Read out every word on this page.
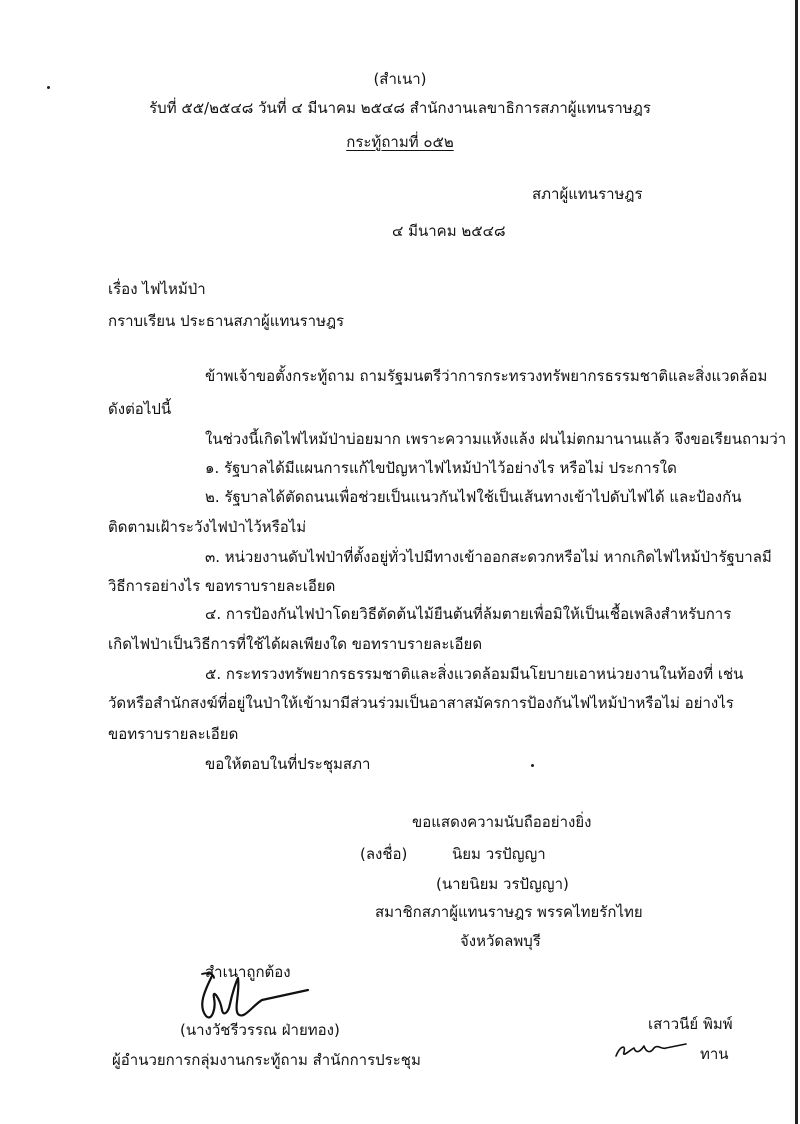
(สำเนา)
รับที่ ๕๕/๒๕๔๘ วันที่ ๔ มีนาคม ๒๕๔๘ สำนักงานเลขาธิการสภาผู้แทนราษฎร
กระทู้ถามที่ ๐๕๒
สภาผู้แทนราษฎร
๔ มีนาคม ๒๕๔๘
เรื่อง ไฟไหม้ป่า
กราบเรียน ประธานสภาผู้แทนราษฎร
ข้าพเจ้าขอตั้งกระทู้ถาม ถามรัฐมนตรีว่าการกระทรวงทรัพยากรธรรมชาติและสิ่งแวดล้อม
ดังต่อไปนี้
ในช่วงนี้เกิดไฟไหม้ป่าบ่อยมาก เพราะความแห้งแล้ง ฝนไม่ตกมานานแล้ว จึงขอเรียนถามว่า
๑. รัฐบาลได้มีแผนการแก้ไขปัญหาไฟไหม้ป่าไว้อย่างไร หรือไม่ ประการใด
๒. รัฐบาลได้ตัดถนนเพื่อช่วยเป็นแนวกันไฟใช้เป็นเส้นทางเข้าไปดับไฟได้ และป้องกัน
ติดตามเฝ้าระวังไฟป่าไว้หรือไม่
๓. หน่วยงานดับไฟป่าที่ตั้งอยู่ทั่วไปมีทางเข้าออกสะดวกหรือไม่ หากเกิดไฟไหม้ป่ารัฐบาลมี
วิธีการอย่างไร ขอทราบรายละเอียด
๔. การป้องกันไฟป่าโดยวิธีตัดต้นไม้ยืนต้นที่ล้มตายเพื่อมิให้เป็นเชื้อเพลิงสำหรับการ
เกิดไฟป่าเป็นวิธีการที่ใช้ได้ผลเพียงใด ขอทราบรายละเอียด
๕. กระทรวงทรัพยากรธรรมชาติและสิ่งแวดล้อมมีนโยบายเอาหน่วยงานในท้องที่ เช่น
วัดหรือสำนักสงฆ์ที่อยู่ในป่าให้เข้ามามีส่วนร่วมเป็นอาสาสมัครการป้องกันไฟไหม้ป่าหรือไม่ อย่างไร
ขอทราบรายละเอียด
ขอให้ตอบในที่ประชุมสภา
ขอแสดงความนับถืออย่างยิ่ง
(ลงชื่อ)	นิยม วรปัญญา
(นายนิยม วรปัญญา)
สมาชิกสภาผู้แทนราษฎร พรรคไทยรักไทย
จังหวัดลพบุรี
สำเนาถูกต้อง
(นางวัชรีวรรณ ฝ่ายทอง)
ผู้อำนวยการกลุ่มงานกระทู้ถาม สำนักการประชุม
เสาวนีย์ พิมพ์
ทาน
